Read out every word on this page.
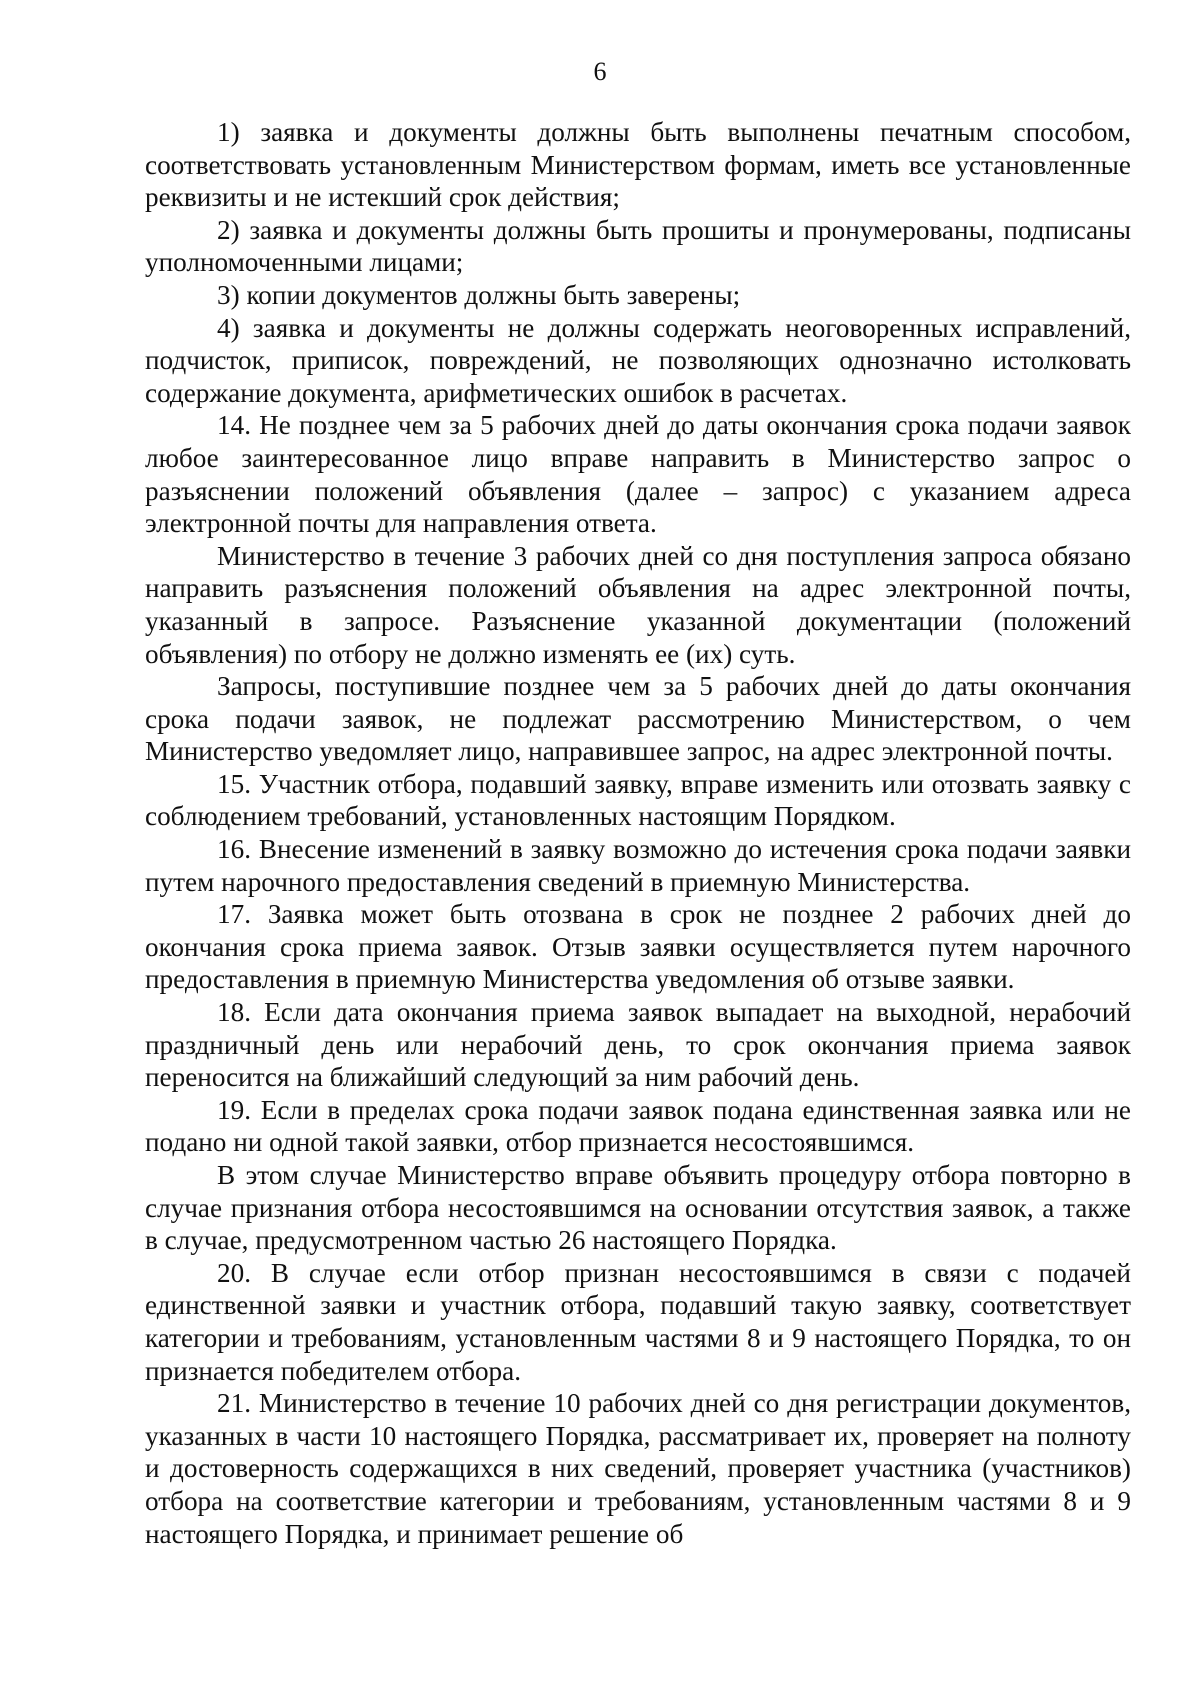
6

1) заявка и документы должны быть выполнены печатным способом, соответствовать установленным Министерством формам, иметь все установленные реквизиты и не истекший срок действия;

2) заявка и документы должны быть прошиты и пронумерованы, подписаны уполномоченными лицами;

3) копии документов должны быть заверены;

4) заявка и документы не должны содержать неоговоренных исправлений, подчисток, приписок, повреждений, не позволяющих однозначно истолковать содержание документа, арифметических ошибок в расчетах.

14. Не позднее чем за 5 рабочих дней до даты окончания срока подачи заявок любое заинтересованное лицо вправе направить в Министерство запрос о разъяснении положений объявления (далее – запрос) с указанием адреса электронной почты для направления ответа.

Министерство в течение 3 рабочих дней со дня поступления запроса обязано направить разъяснения положений объявления на адрес электронной почты, указанный в запросе. Разъяснение указанной документации (положений объявления) по отбору не должно изменять ее (их) суть.

Запросы, поступившие позднее чем за 5 рабочих дней до даты окончания срока подачи заявок, не подлежат рассмотрению Министерством, о чем Министерство уведомляет лицо, направившее запрос, на адрес электронной почты.

15. Участник отбора, подавший заявку, вправе изменить или отозвать заявку с соблюдением требований, установленных настоящим Порядком.

16. Внесение изменений в заявку возможно до истечения срока подачи заявки путем нарочного предоставления сведений в приемную Министерства.

17. Заявка может быть отозвана в срок не позднее 2 рабочих дней до окончания срока приема заявок. Отзыв заявки осуществляется путем нарочного предоставления в приемную Министерства уведомления об отзыве заявки.

18. Если дата окончания приема заявок выпадает на выходной, нерабочий праздничный день или нерабочий день, то срок окончания приема заявок переносится на ближайший следующий за ним рабочий день.

19. Если в пределах срока подачи заявок подана единственная заявка или не подано ни одной такой заявки, отбор признается несостоявшимся.

В этом случае Министерство вправе объявить процедуру отбора повторно в случае признания отбора несостоявшимся на основании отсутствия заявок, а также в случае, предусмотренном частью 26 настоящего Порядка.

20. В случае если отбор признан несостоявшимся в связи с подачей единственной заявки и участник отбора, подавший такую заявку, соответствует категории и требованиям, установленным частями 8 и 9 настоящего Порядка, то он признается победителем отбора.

21. Министерство в течение 10 рабочих дней со дня регистрации документов, указанных в части 10 настоящего Порядка, рассматривает их, проверяет на полноту и достоверность содержащихся в них сведений, проверяет участника (участников) отбора на соответствие категории и требованиям, установленным частями 8 и 9 настоящего Порядка, и принимает решение об
